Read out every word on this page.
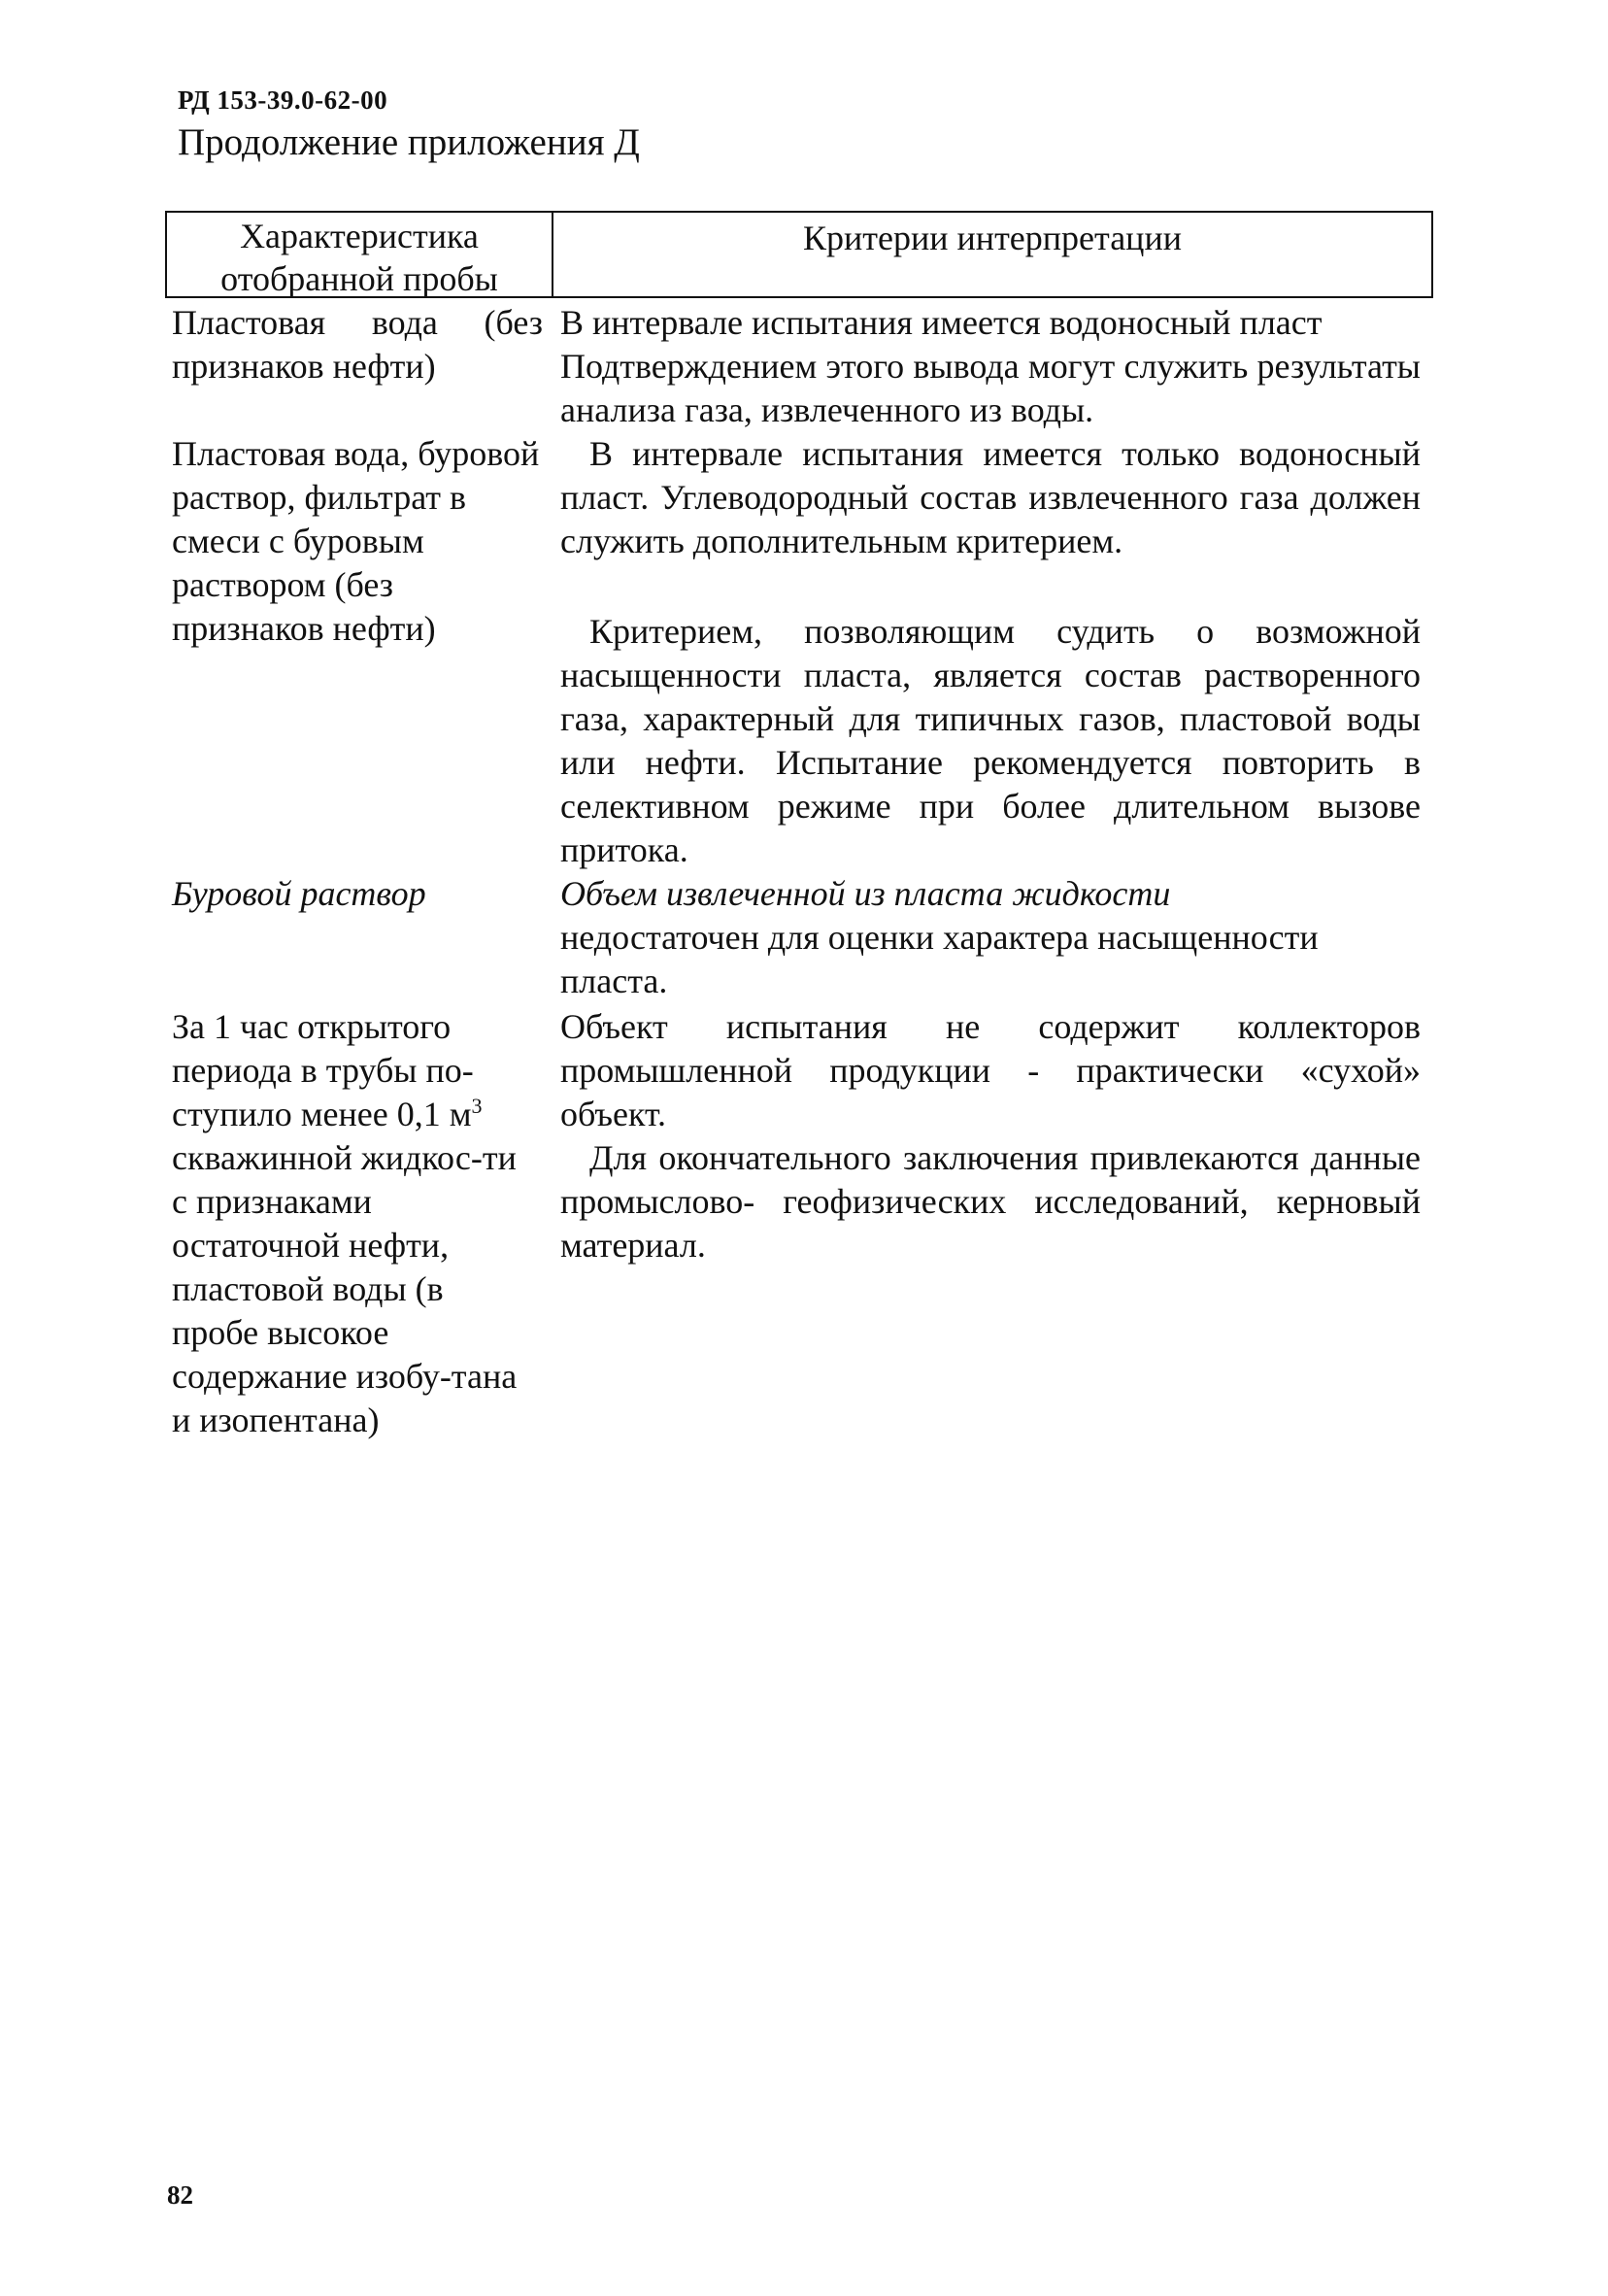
РД 153-39.0-62-00
Продолжение приложения Д
Характеристика
отобранной пробы
Критерии интерпретации

Пластовая вода (без признаков нефти)

В интервале испытания имеется водоносный пласт

Подтверждением этого вывода могут служить результаты анализа газа, извлеченного из воды.

Пластовая вода, буровой раствор, фильтрат в смеси с буровым раствором (без признаков нефти)

В интервале испытания имеется только водоносный пласт. Углеводородный состав извлеченного газа должен служить дополнительным критерием.

Критерием, позволяющим судить о возможной насыщенности пласта, является состав растворенного газа, характерный для типичных газов, пластовой воды или нефти. Испытание рекомендуется повторить в селективном режиме при более длительном вызове притока.

Буровой раствор	Объем извлеченной из пласта жидкости

недостаточен для оценки характера насыщенности пласта.

За 1 час открытого периода в трубы по-ступило менее 0,1 $м^3$ скважинной жидкос-ти с признаками остаточной нефти, пластовой воды (в пробе высокое содержание изобу-тана и изопентана)

Объект испытания не содержит коллекторов промышленной продукции - практически «сухой» объект.

Для окончательного заключения привлекаются данные промыслово- геофизических исследований, керновый материал.

82
